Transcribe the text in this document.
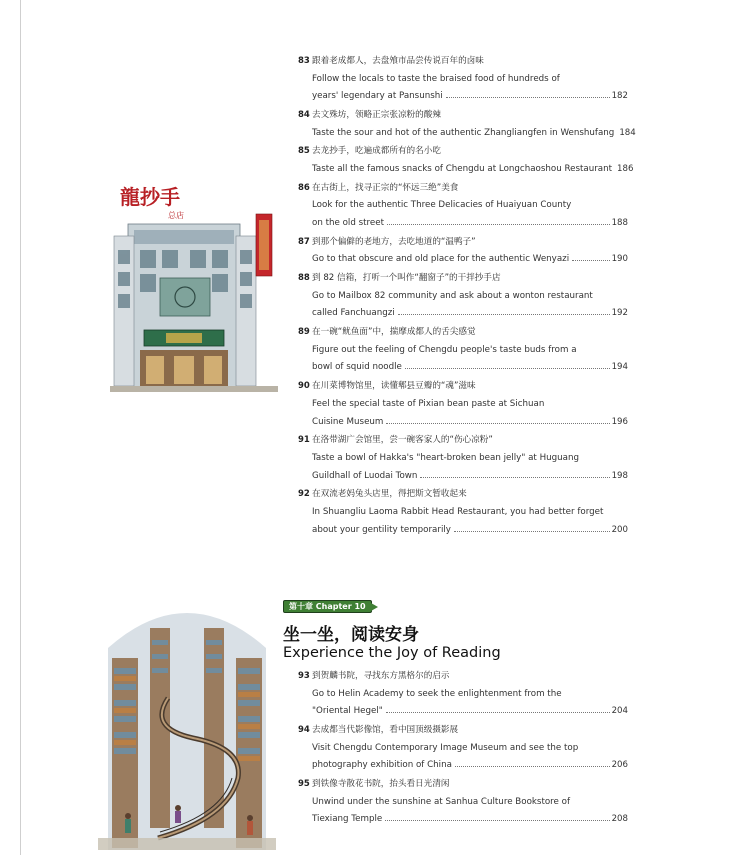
83 跟着老成都人，去盘飧市品尝传说百年的卤味
Follow the locals to taste the braised food of hundreds of
years' legendary at Pansunshi	182
84 去文殊坊，领略正宗张凉粉的酸辣
Taste the sour and hot of the authentic Zhangliangfen in Wenshufang 184
85 去龙抄手，吃遍成都所有的名小吃
Taste all the famous snacks of Chengdu at Longchaoshou Restaurant 186
86 在古街上，找寻正宗的“怀远三绝”美食
Look for the authentic Three Delicacies of Huaiyuan County
on the old street	188
87 到那个偏僻的老地方，去吃地道的“温鸭子”
Go to that obscure and old place for the authentic Wenyazi	190
88 到 82 信箱，打听一个叫作“翻窗子”的干拌抄手店
Go to Mailbox 82 community and ask about a wonton restaurant
called Fanchuangzi	192
89 在一碗“鱿鱼面”中，揣摩成都人的舌尖感觉
Figure out the feeling of Chengdu people's taste buds from a
bowl of squid noodle	194
90 在川菜博物馆里，读懂郫县豆瓣的“魂”滋味
Feel the special taste of Pixian bean paste at Sichuan
Cuisine Museum	196
91 在洛带湖广会馆里，尝一碗客家人的“伤心凉粉”
Taste a bowl of Hakka's "heart-broken bean jelly" at Huguang
Guildhall of Luodai Town	198
92 在双流老妈兔头店里，得把斯文暂收起来
In Shuangliu Laoma Rabbit Head Restaurant, you had better forget
about your gentility temporarily	200
龍抄手
总店
第十章 Chapter 10
坐一坐，阅读安身
Experience the Joy of Reading
93 到贺麟书院，寻找东方黑格尔的启示
Go to Helin Academy to seek the enlightenment from the
"Oriental Hegel"	204
94 去成都当代影像馆，看中国顶级摄影展
Visit Chengdu Contemporary Image Museum and see the top
photography exhibition of China	206
95 到铁像寺散花书院，抬头看日光清闲
Unwind under the sunshine at Sanhua Culture Bookstore of
Tiexiang Temple	208
